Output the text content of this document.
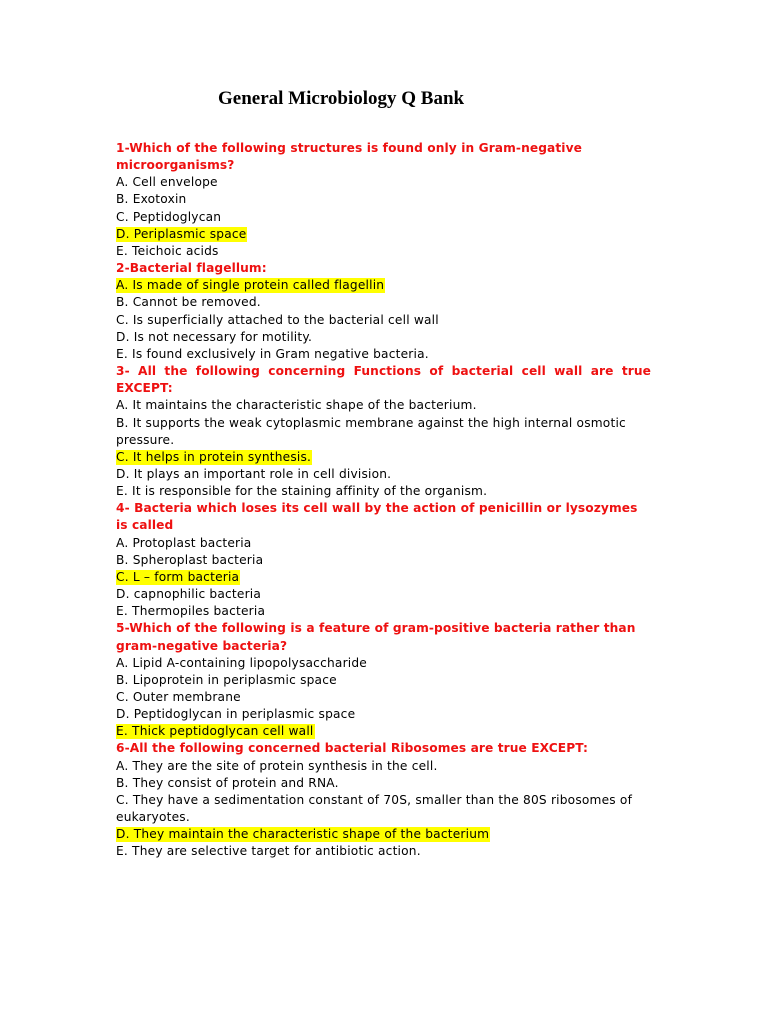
General Microbiology Q Bank
1-Which of the following structures is found only in Gram-negative microorganisms?
A. Cell envelope
B. Exotoxin
C. Peptidoglycan
D. Periplasmic space
E. Teichoic acids
2-Bacterial flagellum:
A. Is made of single protein called flagellin
B. Cannot be removed.
C. Is superficially attached to the bacterial cell wall
D. Is not necessary for motility.
E. Is found exclusively in Gram negative bacteria.
3- All the following concerning Functions of bacterial cell wall are true EXCEPT:
A. It maintains the characteristic shape of the bacterium.
B. It supports the weak cytoplasmic membrane against the high internal osmotic pressure.
C. It helps in protein synthesis.
D. It plays an important role in cell division.
E. It is responsible for the staining affinity of the organism.
4- Bacteria which loses its cell wall by the action of penicillin or lysozymes is called
A. Protoplast bacteria
B. Spheroplast bacteria
C. L – form bacteria
D. capnophilic bacteria
E. Thermopiles bacteria
5-Which of the following is a feature of gram-positive bacteria rather than gram-negative bacteria?
A. Lipid A-containing lipopolysaccharide
B. Lipoprotein in periplasmic space
C. Outer membrane
D. Peptidoglycan in periplasmic space
E. Thick peptidoglycan cell wall
6-All the following concerned bacterial Ribosomes are true EXCEPT:
A. They are the site of protein synthesis in the cell.
B. They consist of protein and RNA.
C. They have a sedimentation constant of 70S, smaller than the 80S ribosomes of eukaryotes.
D. They maintain the characteristic shape of the bacterium
E. They are selective target for antibiotic action.
